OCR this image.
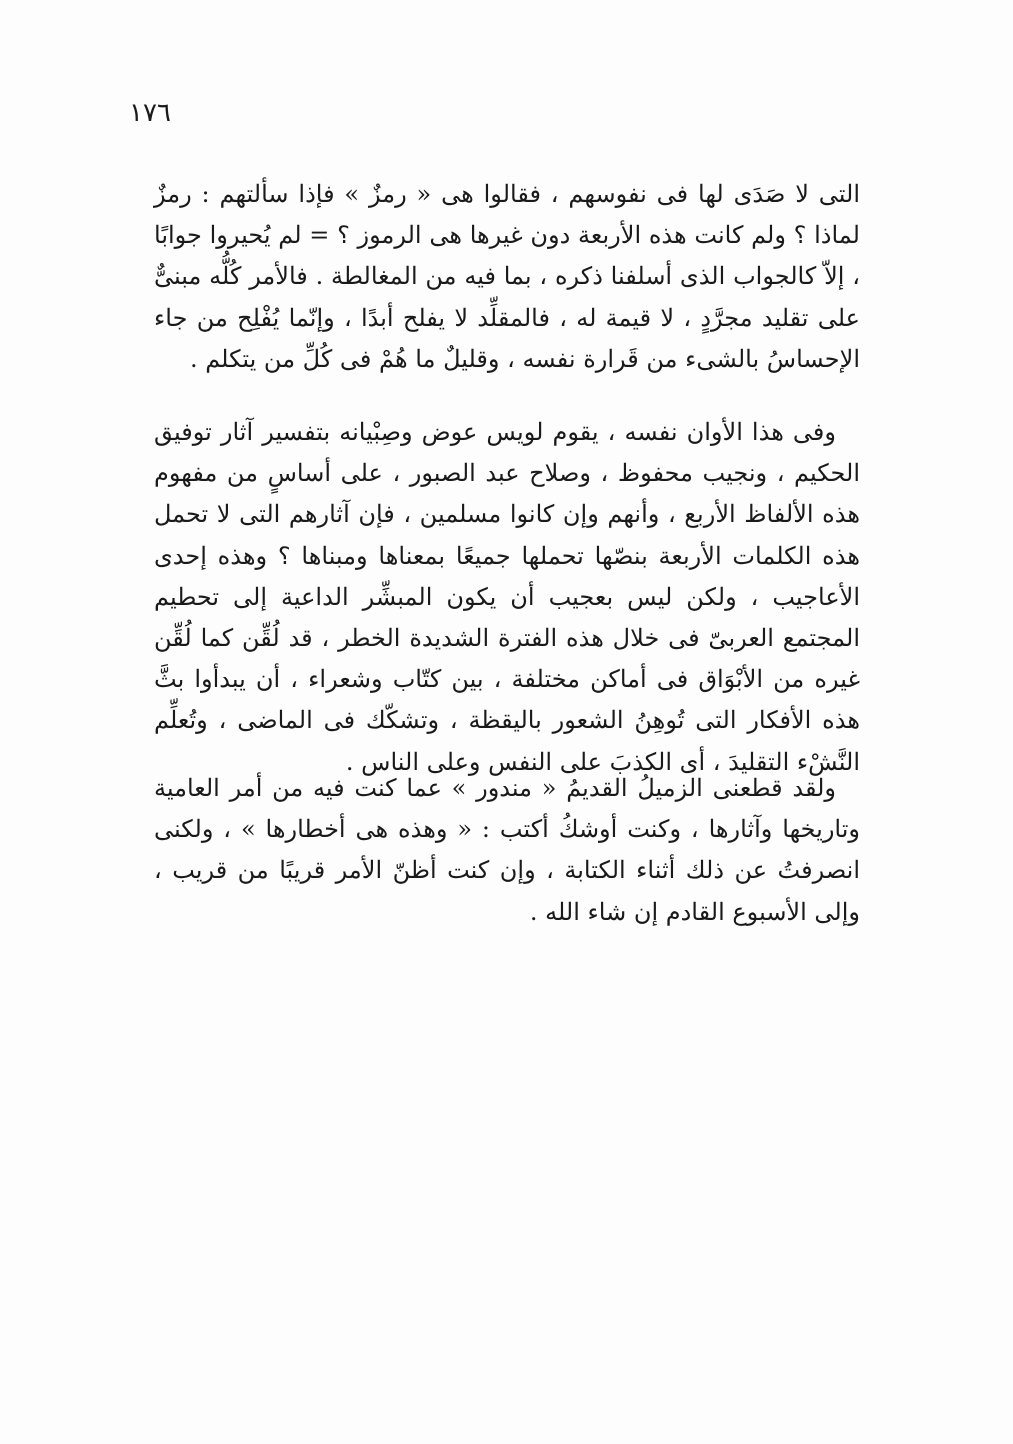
١٧٦

التى لا صَدَى لها فى نفوسهم ، فقالوا هى « رمزٌ » فإذا سألتهم : رمزٌ لماذا ؟ ولم كانت هذه الأربعة دون غيرها هى الرموز ؟ = لم يُحيروا جوابًا ، إلاّ كالجواب الذى أسلفنا ذكره ، بما فيه من المغالطة . فالأمر كُلُّه مبنىٌّ على تقليد مجرَّدٍ ، لا قيمة له ، فالمقلِّد لا يفلح أبدًا ، وإنّما يُفْلِح من جاء الإحساسُ بالشىء من قَرارة نفسه ، وقليلٌ ما هُمْ فى كُلِّ من يتكلم .

وفى هذا الأوان نفسه ، يقوم لويس عوض وصِبْيانه بتفسير آثار توفيق الحكيم ، ونجيب محفوظ ، وصلاح عبد الصبور ، على أساسٍ من مفهوم هذه الألفاظ الأربع ، وأنهم وإن كانوا مسلمين ، فإن آثارهم التى لا تحمل هذه الكلمات الأربعة بنصّها تحملها جميعًا بمعناها ومبناها ؟ وهذه إحدى الأعاجيب ، ولكن ليس بعجيب أن يكون المبشِّر الداعية إلى تحطيم المجتمع العربىّ فى خلال هذه الفترة الشديدة الخطر ، قد لُقِّن كما لُقِّن غيره من الأبْوَاق فى أماكن مختلفة ، بين كتّاب وشعراء ، أن يبدأوا بثَّ هذه الأفكار التى تُوهِنُ الشعور باليقظة ، وتشكّك فى الماضى ، وتُعلِّم النَّشْء التقليدَ ، أى الكذبَ على النفس وعلى الناس .

ولقد قطعنى الزميلُ القديمُ « مندور » عما كنت فيه من أمر العامية وتاريخها وآثارها ، وكنت أوشكُ أكتب : « وهذه هى أخطارها » ، ولكنى انصرفتُ عن ذلك أثناء الكتابة ، وإن كنت أظنّ الأمر قريبًا من قريب ، وإلى الأسبوع القادم إن شاء الله .
